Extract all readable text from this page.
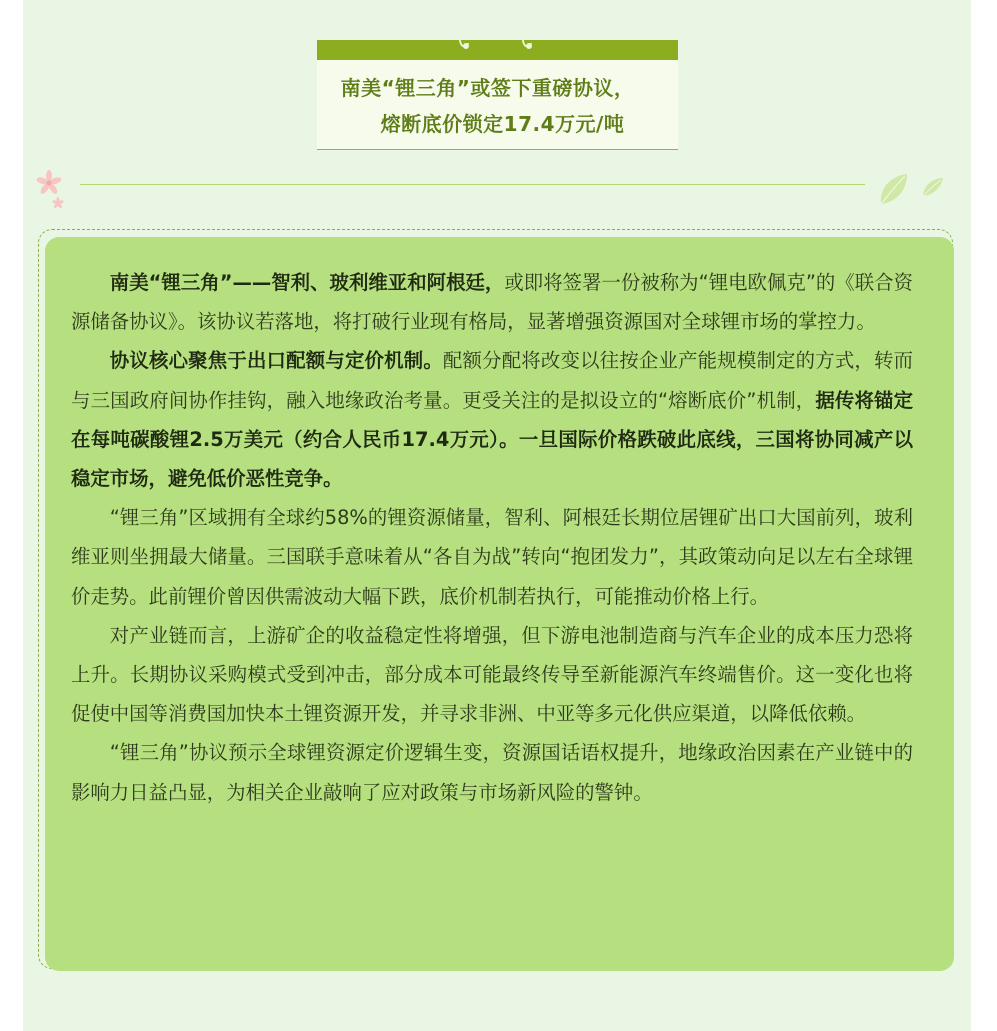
南美“锂三角”或签下重磅协议，
熔断底价锁定17.4万元/吨

南美“锂三角”——智利、玻利维亚和阿根廷，或即将签署一份被称为“锂电欧佩克”的《联合资源储备协议》。该协议若落地，将打破行业现有格局，显著增强资源国对全球锂市场的掌控力。

协议核心聚焦于出口配额与定价机制。配额分配将改变以往按企业产能规模制定的方式，转而与三国政府间协作挂钩，融入地缘政治考量。更受关注的是拟设立的“熔断底价”机制，据传将锚定在每吨碳酸锂2.5万美元（约合人民币17.4万元）。一旦国际价格跌破此底线，三国将协同减产以稳定市场，避免低价恶性竞争。

“锂三角”区域拥有全球约58%的锂资源储量，智利、阿根廷长期位居锂矿出口大国前列，玻利维亚则坐拥最大储量。三国联手意味着从“各自为战”转向“抱团发力”，其政策动向足以左右全球锂价走势。此前锂价曾因供需波动大幅下跌，底价机制若执行，可能推动价格上行。

对产业链而言，上游矿企的收益稳定性将增强，但下游电池制造商与汽车企业的成本压力恐将上升。长期协议采购模式受到冲击，部分成本可能最终传导至新能源汽车终端售价。这一变化也将促使中国等消费国加快本土锂资源开发，并寻求非洲、中亚等多元化供应渠道，以降低依赖。

“锂三角”协议预示全球锂资源定价逻辑生变，资源国话语权提升，地缘政治因素在产业链中的影响力日益凸显，为相关企业敲响了应对政策与市场新风险的警钟。
